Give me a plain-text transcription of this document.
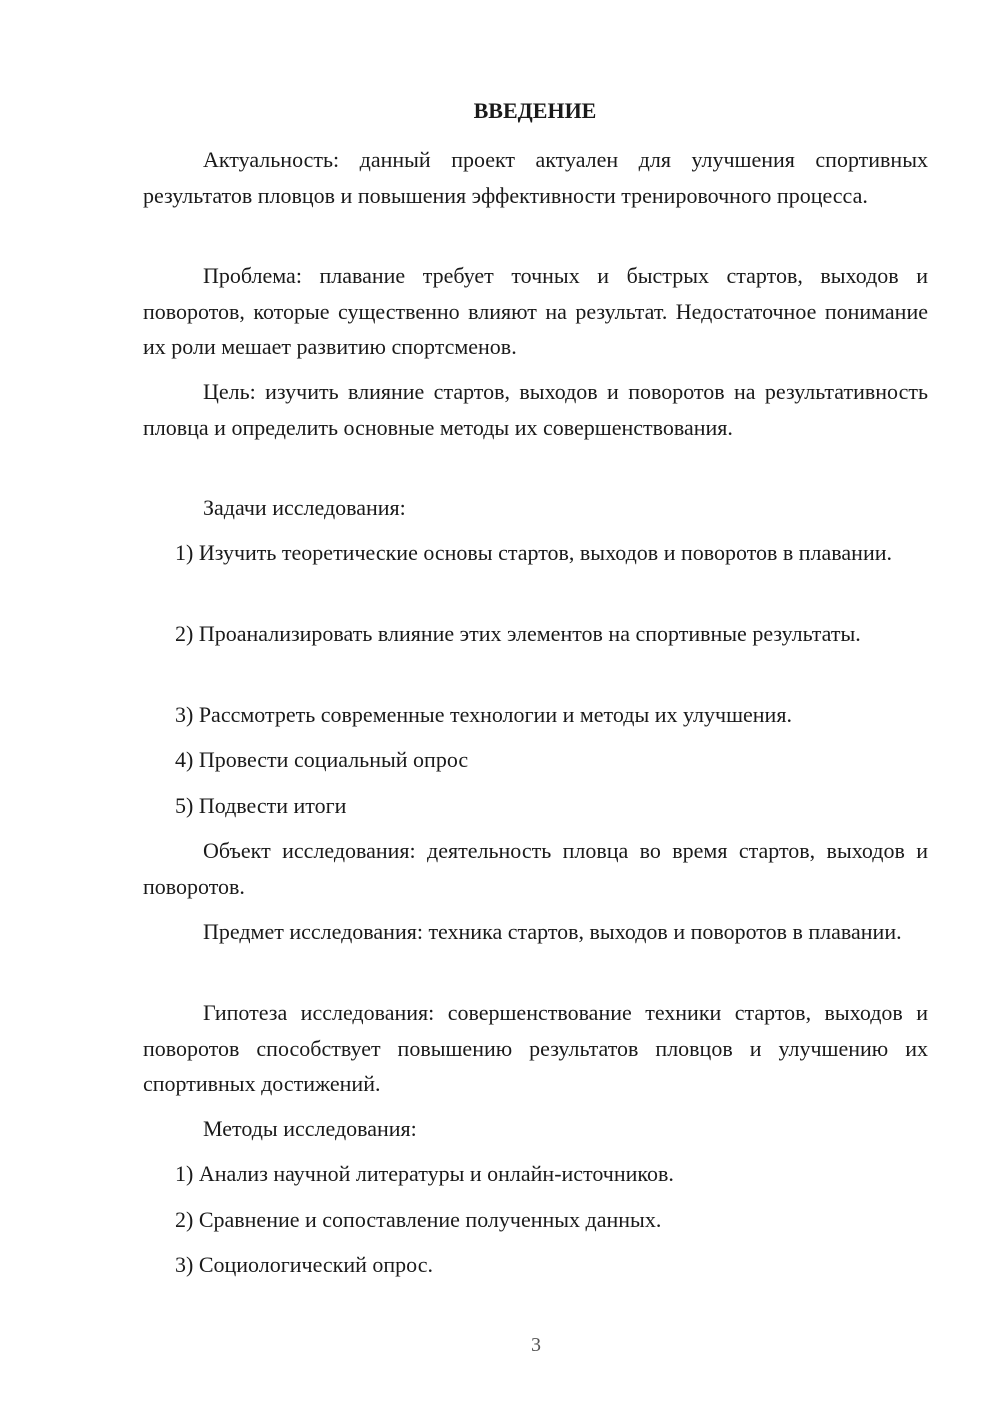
ВВЕДЕНИЕ

Актуальность: данный проект актуален для улучшения спортивных результатов пловцов и повышения эффективности тренировочного процесса.

Проблема: плавание требует точных и быстрых стартов, выходов и поворотов, которые существенно влияют на результат. Недостаточное понимание их роли мешает развитию спортсменов.

Цель: изучить влияние стартов, выходов и поворотов на результативность пловца и определить основные методы их совершенствования.

Задачи исследования:

1) Изучить теоретические основы стартов, выходов и поворотов в плавании.

2) Проанализировать влияние этих элементов на спортивные результаты.

3) Рассмотреть современные технологии и методы их улучшения.

4) Провести социальный опрос

5) Подвести итоги

Объект исследования: деятельность пловца во время стартов, выходов и поворотов.

Предмет исследования: техника стартов, выходов и поворотов в плавании.

Гипотеза исследования: совершенствование техники стартов, выходов и поворотов способствует повышению результатов пловцов и улучшению их спортивных достижений.

Методы исследования:

1) Анализ научной литературы и онлайн-источников.

2) Сравнение и сопоставление полученных данных.

3) Социологический опрос.

3
